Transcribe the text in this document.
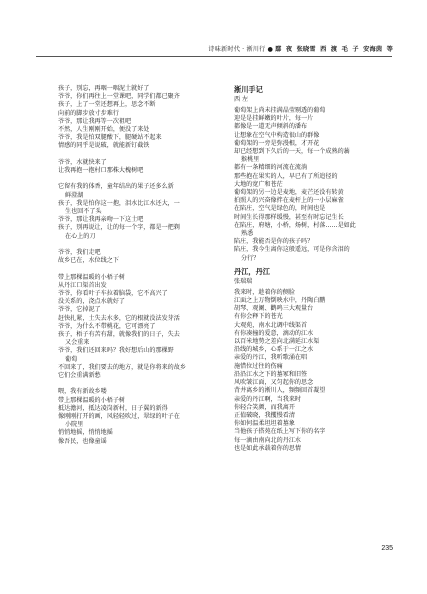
诗味新时代 · 淅川行 ● 鄢 夜 张晓雪 西 渡 毛 子 安海茵 等
孩子，别忘，再咽一咽泥土就好了
爷爷，你们再往上一堂课吧，同学们都已聚齐
孩子，上了一堂还想再上，思念不断
向前的脚步放寸步难行
爷爷，那让我再等一次祖吧
不然，人生刚刚开始，便没了来处
爷爷，我是怕双腿酸下，腿硬站不起来
情感的同乎是说破，就能新钉截铁
爷爷，水就快来了
让我再抱一抱村口那株大槐树吧
它留有我的体香，童年结出的果子还多么新
鲜澄湖
孩子，我是怕你这一抱，泪水比江水还大，一
生也回不了头
爷爷，那让我再亲吻一下这土吧
孩子，别再说让，让的每一个字，都是一把剃
在心上的刀
爷爷，我们走吧
故乡已在，水位线之下
带上那棵温暖的小梧子树
从丹江口渠首出发
爷爷，你看叶子车拉着脑袋，它不高兴了
没关系的，浇点水就好了
爷爷，它掉泥了
赶快扎紧，土失去水多，它的根就没法发芽活
爷爷，为什么不带桃花，它可漂亮了
孩子，梧子有苦有甜，就像我们的日子，失去
又会重来
爷爷，我们还回来吗？我好想后山的那棵野
葡萄
不回来了，我们要去的地方，就是你将来的故乡
它们会重满新愁
喂，我有新故乡喽
带上那棵温暖的小梧子树
抵达澹河，抵达凌岗新村，日子翼的新得
像刚刚打开的画，风轻轻吹过，翠绿的叶子在
小院里
悄悄地摇，悄悄地摇
像吾民，也像童谣
淅川手记
西 左
葡萄架上尚未挂满晶莹剔透的葡萄
迎是是挂鲜嫩的叶片，每一片
都像是一道无声倾斜的潘布
让想象在空气中构造很山的群像
葡萄架的一旁是弥漫根，才开花
却已经想到下久后的一天，每一个成熟的蓊
猴桃里
都有一条精细的河流在流淌
那些抱在果实的人，早已有了所追径的
大地的宽广和苍茫
葡萄架的另一边是麦地，麦芒还没有转黄
拍照人的兴奋像拌在麦杆上的一小层麻雀
在陷庄，空气是绿色的，时间也是
时间生长得那样缓慢，甚至有时忘记生长
在陷庄，府塘，小桥，炀树，村落……是如此
熟悉
陷庄，我能否是你的孩子吗？
陷庄，我今生离你这般遥远，可是你含泪的
分行？
丹江，丹江
张瑞瑞
我来时，趁着你的侧脸
江面之上万物倒映水中，丹陶白鹏
胡琴、观阑、鹳鸣三大观量台
有你会释下的苍光
大观苑，南水北调中线渠首
有你凑撞的爱意，滴动的江水
以百米地势之差向北满延江水渠
沿线的城乡，心系于一江之水
亲爱的丹江，我听歌涌在唱
施惜位过往的伤痛
沿沿江水之下的墓冢和旧签
风吹皱江面，又匀起你的思念
背井离乡的淅川人，频频回首凝望
亲爱的丹江啊，当我来时
你轻合笑颜，而我离开
正值破晓，我攫慢看清
你如何温柔坦坦着墓象
当他孩子搭苑在纸上写下你的名字
每一滴由南向北的丹江水
也是如此承载着你的思情
235
